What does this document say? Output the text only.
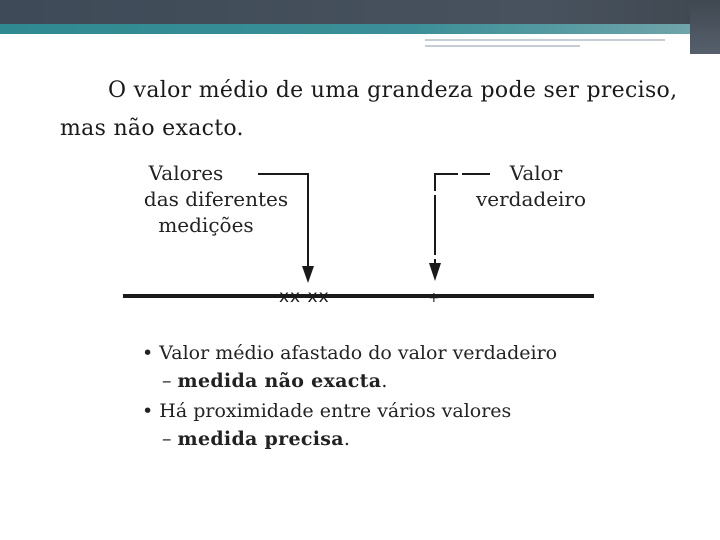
O valor médio de uma grandeza pode ser preciso,

mas não exacto.

Valores
das diferentes
medições
Valor
verdadeiro
xx xx	+
• Valor médio afastado do valor verdadeiro
– medida não exacta.
• Há proximidade entre vários valores
– medida precisa.
